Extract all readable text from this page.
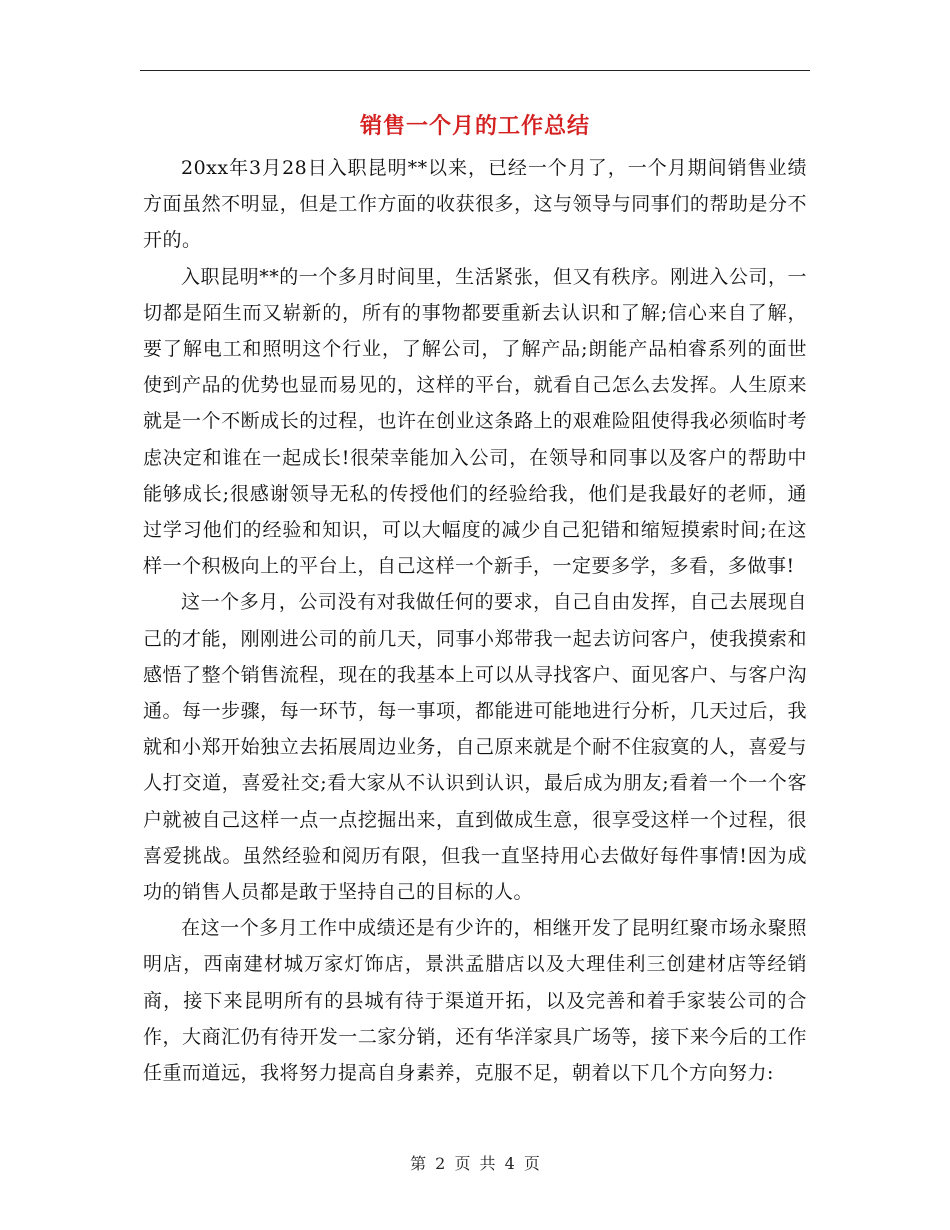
销售一个月的工作总结

20xx年3月28日入职昆明**以来，已经一个月了，一个月期间销售业绩方面虽然不明显，但是工作方面的收获很多，这与领导与同事们的帮助是分不开的。

入职昆明**的一个多月时间里，生活紧张，但又有秩序。刚进入公司，一切都是陌生而又崭新的，所有的事物都要重新去认识和了解;信心来自了解，要了解电工和照明这个行业，了解公司，了解产品;朗能产品柏睿系列的面世使到产品的优势也显而易见的，这样的平台，就看自己怎么去发挥。人生原来就是一个不断成长的过程，也许在创业这条路上的艰难险阻使得我必须临时考虑决定和谁在一起成长!很荣幸能加入公司，在领导和同事以及客户的帮助中能够成长;很感谢领导无私的传授他们的经验给我，他们是我最好的老师，通过学习他们的经验和知识，可以大幅度的减少自己犯错和缩短摸索时间;在这样一个积极向上的平台上，自己这样一个新手，一定要多学，多看，多做事!

这一个多月，公司没有对我做任何的要求，自己自由发挥，自己去展现自己的才能，刚刚进公司的前几天，同事小郑带我一起去访问客户，使我摸索和感悟了整个销售流程，现在的我基本上可以从寻找客户、面见客户、与客户沟通。每一步骤，每一环节，每一事项，都能进可能地进行分析，几天过后，我就和小郑开始独立去拓展周边业务，自己原来就是个耐不住寂寞的人，喜爱与人打交道，喜爱社交;看大家从不认识到认识，最后成为朋友;看着一个一个客户就被自己这样一点一点挖掘出来，直到做成生意，很享受这样一个过程，很喜爱挑战。虽然经验和阅历有限，但我一直坚持用心去做好每件事情!因为成功的销售人员都是敢于坚持自己的目标的人。

在这一个多月工作中成绩还是有少许的，相继开发了昆明红聚市场永聚照明店，西南建材城万家灯饰店，景洪孟腊店以及大理佳利三创建材店等经销商，接下来昆明所有的县城有待于渠道开拓，以及完善和着手家装公司的合作，大商汇仍有待开发一二家分销，还有华洋家具广场等，接下来今后的工作任重而道远，我将努力提高自身素养，克服不足，朝着以下几个方向努力:

第 2 页 共 4 页
